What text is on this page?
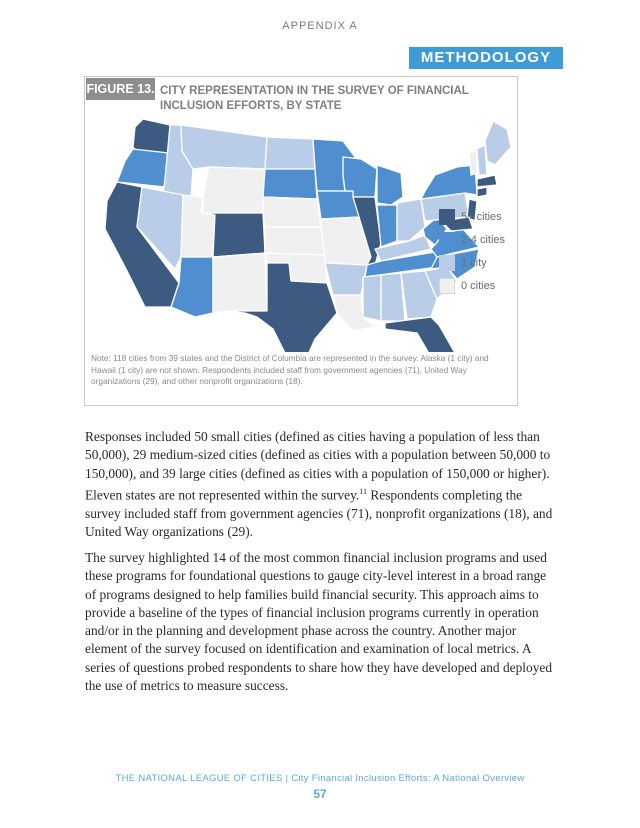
APPENDIX A
METHODOLOGY
FIGURE 13. CITY REPRESENTATION IN THE SURVEY OF FINANCIAL INCLUSION EFFORTS, BY STATE
5+ cities
2-4 cities
1 city
0 cities
Note: 118 cities from 39 states and the District of Columbia are represented in the survey. Alaska (1 city) and Hawaii (1 city) are not shown. Respondents included staff from government agencies (71), United Way organizations (29), and other nonprofit organizations (18).

Responses included 50 small cities (defined as cities having a population of less than 50,000), 29 medium-sized cities (defined as cities with a population between 50,000 to 150,000), and 39 large cities (defined as cities with a population of 150,000 or higher). Eleven states are not represented within the survey.$^{11}$ Respondents completing the survey included staff from government agencies (71), nonprofit organizations (18), and United Way organizations (29).

The survey highlighted 14 of the most common financial inclusion programs and used these programs for foundational questions to gauge city-level interest in a broad range of programs designed to help families build financial security. This approach aims to provide a baseline of the types of financial inclusion programs currently in operation and/or in the planning and development phase across the country. Another major element of the survey focused on identification and examination of local metrics. A series of questions probed respondents to share how they have developed and deployed the use of metrics to measure success.

THE NATIONAL LEAGUE OF CITIES | City Financial Inclusion Efforts: A National Overview
57
